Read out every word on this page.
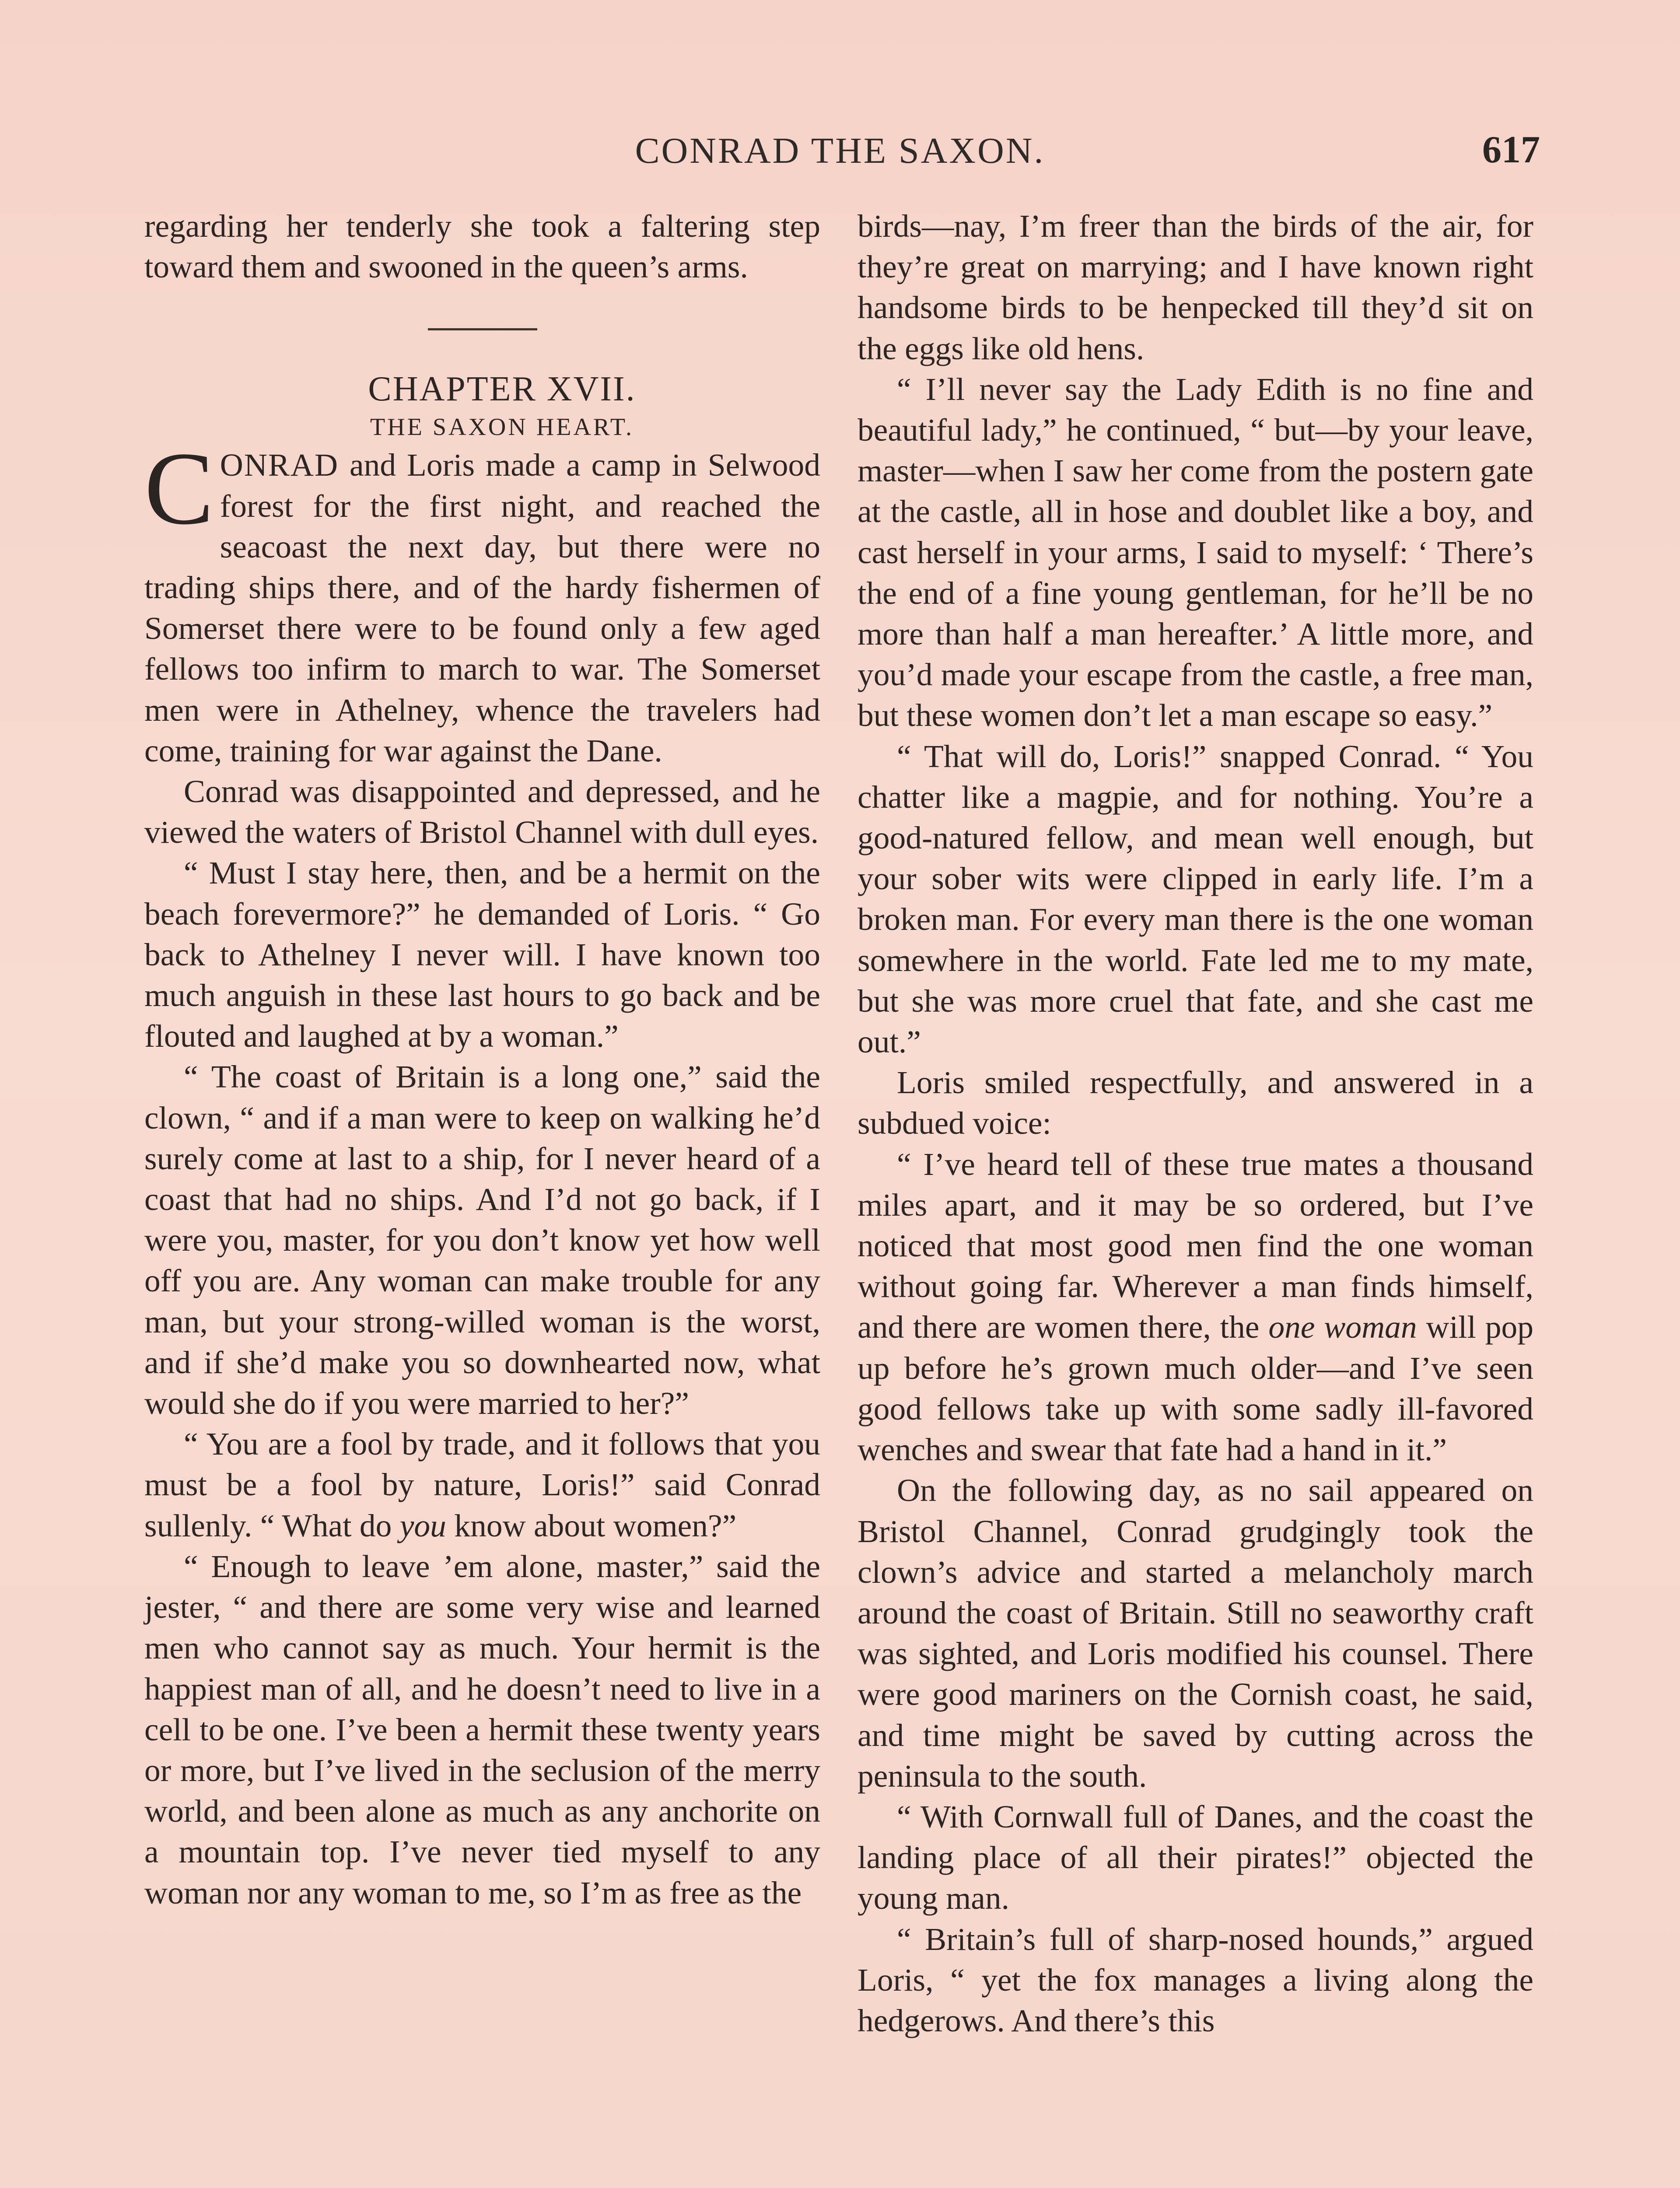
CONRAD THE SAXON.	617

regarding her tenderly she took a faltering step toward them and swooned in the queen’s arms.

CHAPTER XVII.

THE SAXON HEART.

CONRAD and Loris made a camp in Selwood forest for the first night, and reached the seacoast the next day, but there were no trading ships there, and of the hardy fishermen of Somerset there were to be found only a few aged fellows too infirm to march to war. The Somerset men were in Athelney, whence the travelers had come, training for war against the Dane.

Conrad was disappointed and depressed, and he viewed the waters of Bristol Channel with dull eyes.

“ Must I stay here, then, and be a hermit on the beach forevermore?” he demanded of Loris. “ Go back to Athelney I never will. I have known too much anguish in these last hours to go back and be flouted and laughed at by a woman.”

“ The coast of Britain is a long one,” said the clown, “ and if a man were to keep on walking he’d surely come at last to a ship, for I never heard of a coast that had no ships. And I’d not go back, if I were you, master, for you don’t know yet how well off you are. Any woman can make trouble for any man, but your strong-willed woman is the worst, and if she’d make you so downhearted now, what would she do if you were married to her?”

“ You are a fool by trade, and it follows that you must be a fool by nature, Loris!” said Conrad sullenly. “ What do you know about women?”

“ Enough to leave ’em alone, master,” said the jester, “ and there are some very wise and learned men who cannot say as much. Your hermit is the happiest man of all, and he doesn’t need to live in a cell to be one. I’ve been a hermit these twenty years or more, but I’ve lived in the seclusion of the merry world, and been alone as much as any anchorite on a mountain top. I’ve never tied myself to any woman nor any woman to me, so I’m as free as the

birds—nay, I’m freer than the birds of the air, for they’re great on marrying; and I have known right handsome birds to be henpecked till they’d sit on the eggs like old hens.

“ I’ll never say the Lady Edith is no fine and beautiful lady,” he continued, “ but—by your leave, master—when I saw her come from the postern gate at the castle, all in hose and doublet like a boy, and cast herself in your arms, I said to myself: ‘ There’s the end of a fine young gentleman, for he’ll be no more than half a man hereafter.’ A little more, and you’d made your escape from the castle, a free man, but these women don’t let a man escape so easy.”

“ That will do, Loris!” snapped Conrad. “ You chatter like a magpie, and for nothing. You’re a good-natured fellow, and mean well enough, but your sober wits were clipped in early life. I’m a broken man. For every man there is the one woman somewhere in the world. Fate led me to my mate, but she was more cruel that fate, and she cast me out.”

Loris smiled respectfully, and answered in a subdued voice:

“ I’ve heard tell of these true mates a thousand miles apart, and it may be so ordered, but I’ve noticed that most good men find the one woman without going far. Wherever a man finds himself, and there are women there, the one woman will pop up before he’s grown much older—and I’ve seen good fellows take up with some sadly ill-favored wenches and swear that fate had a hand in it.”

On the following day, as no sail appeared on Bristol Channel, Conrad grudgingly took the clown’s advice and started a melancholy march around the coast of Britain. Still no seaworthy craft was sighted, and Loris modified his counsel. There were good mariners on the Cornish coast, he said, and time might be saved by cutting across the peninsula to the south.

“ With Cornwall full of Danes, and the coast the landing place of all their pirates!” objected the young man.

“ Britain’s full of sharp-nosed hounds,” argued Loris, “ yet the fox manages a living along the hedgerows. And there’s this
